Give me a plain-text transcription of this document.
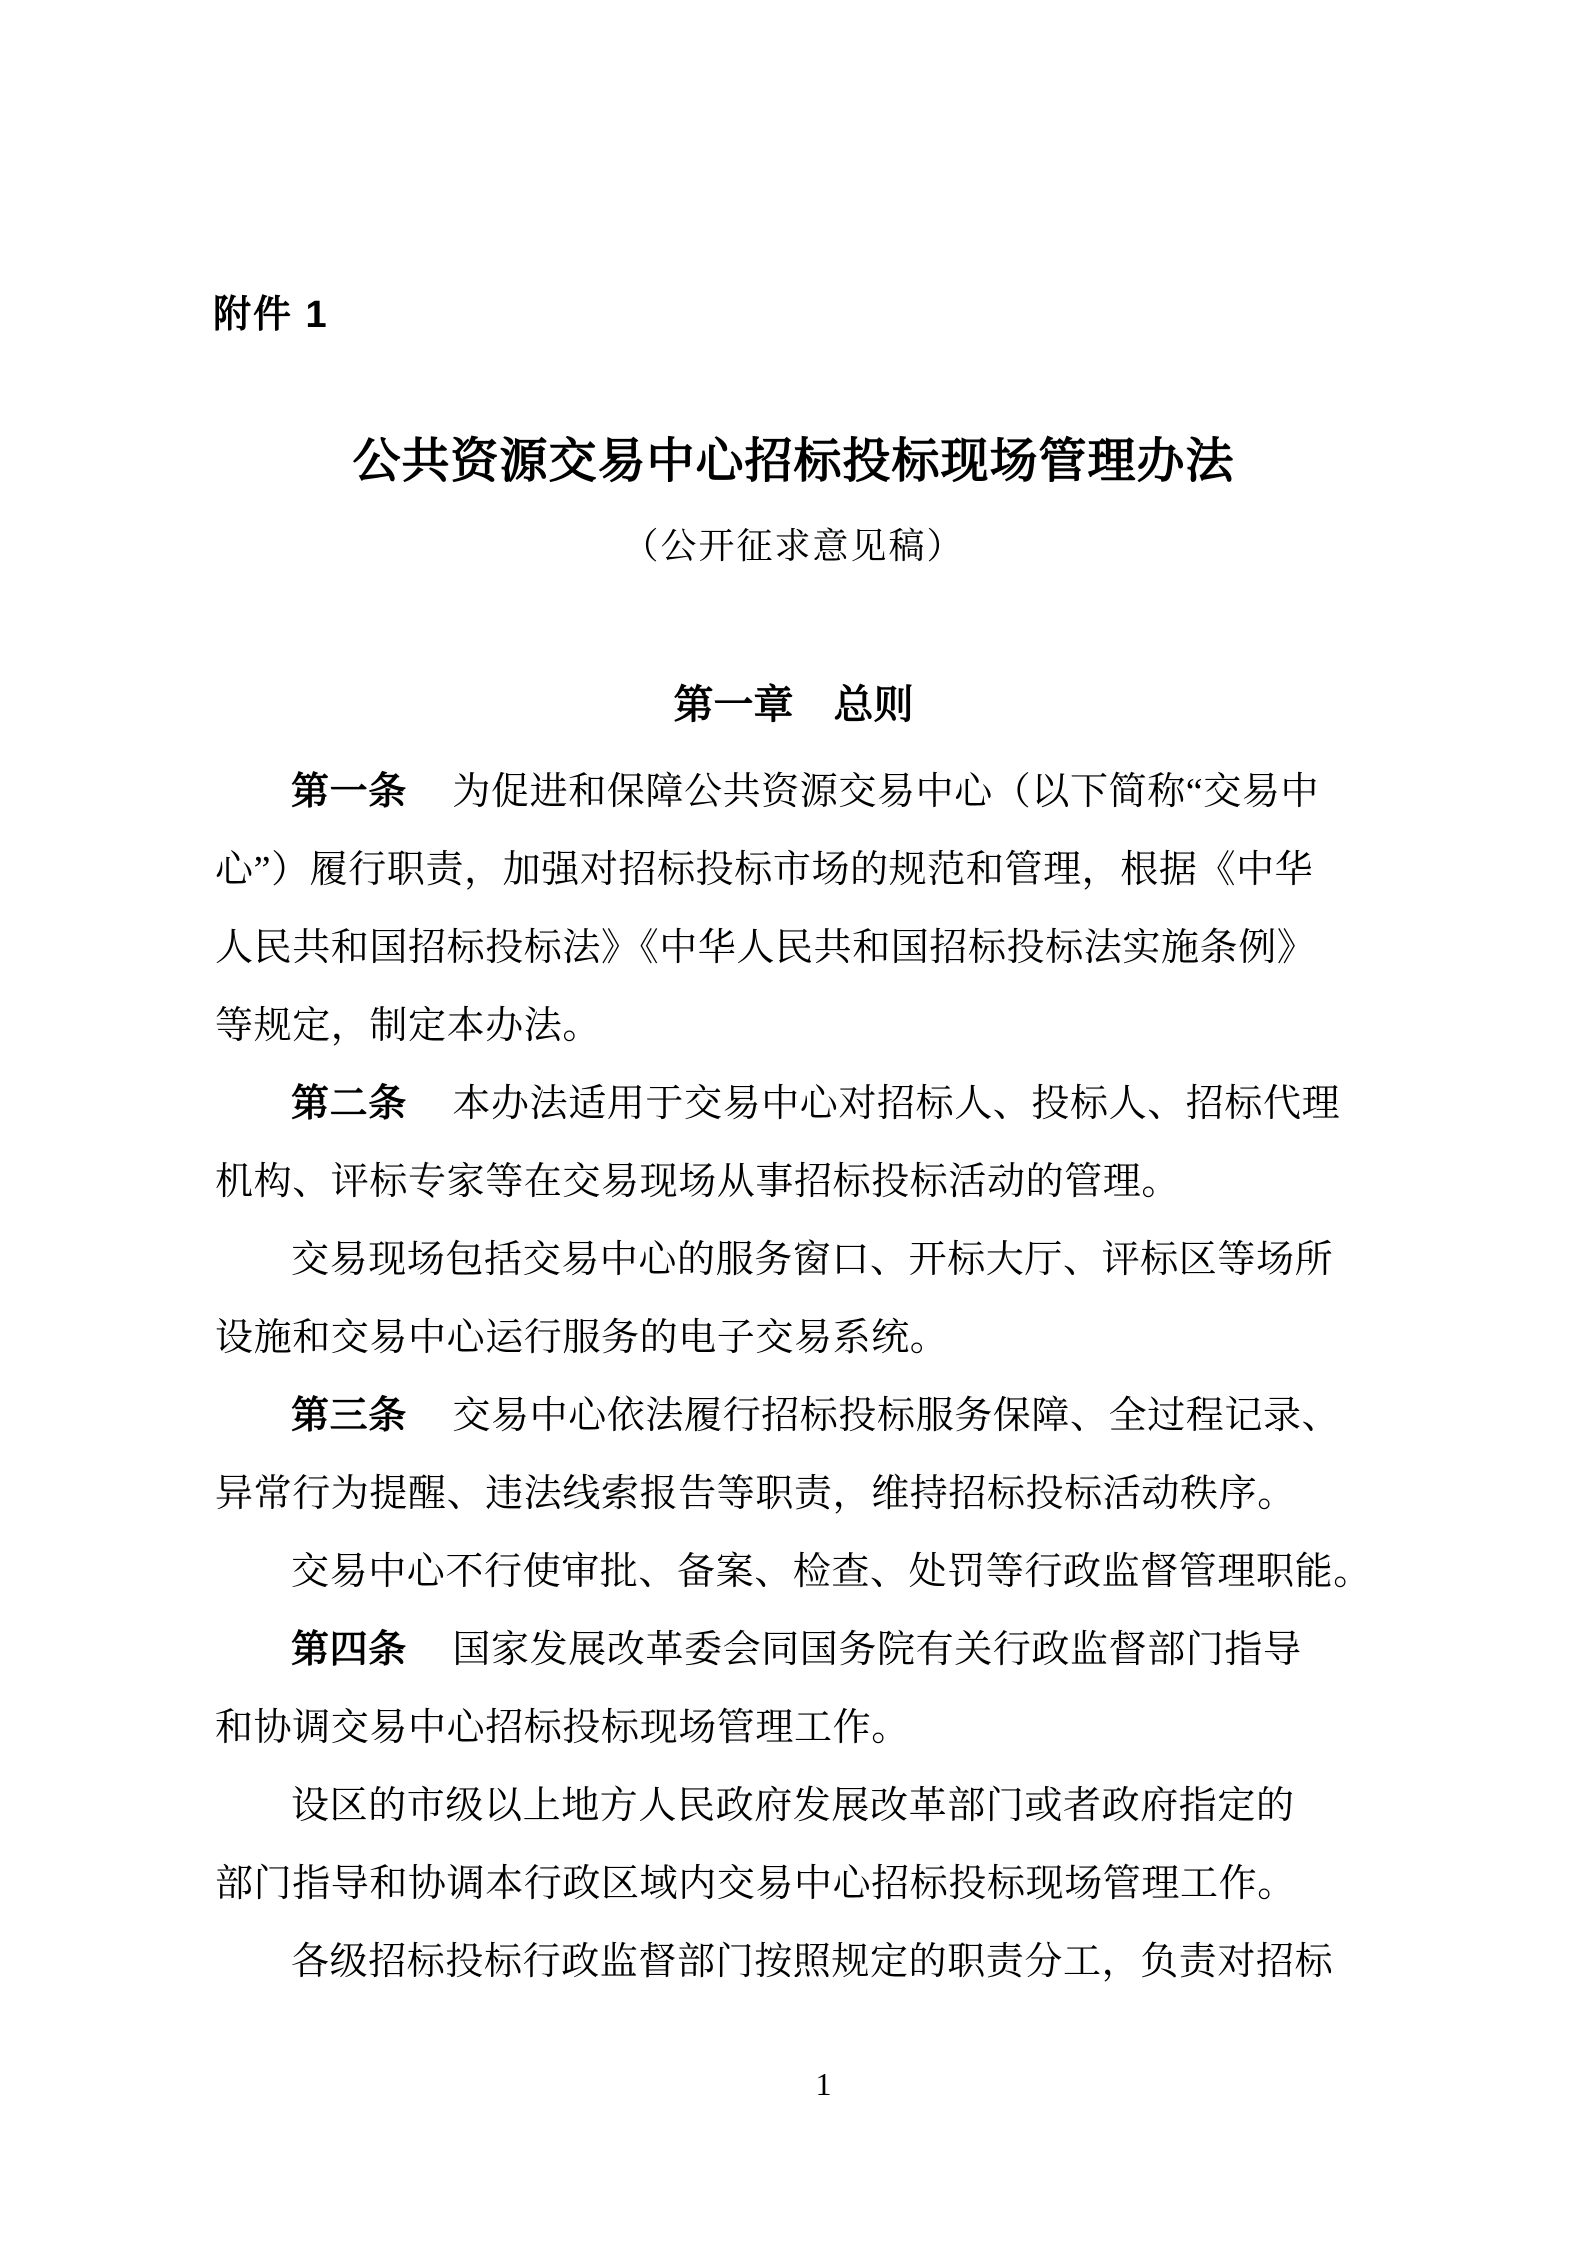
附件 1
公共资源交易中心招标投标现场管理办法
（公开征求意见稿）
第一章 总则
第一条 为促进和保障公共资源交易中心（以下简称“交易中
心”）履行职责，加强对招标投标市场的规范和管理，根据《中华
人民共和国招标投标法》《中华人民共和国招标投标法实施条例》
等规定，制定本办法。
第二条 本办法适用于交易中心对招标人、投标人、招标代理
机构、评标专家等在交易现场从事招标投标活动的管理。
交易现场包括交易中心的服务窗口、开标大厅、评标区等场所
设施和交易中心运行服务的电子交易系统。
第三条 交易中心依法履行招标投标服务保障、全过程记录、
异常行为提醒、违法线索报告等职责，维持招标投标活动秩序。
交易中心不行使审批、备案、检查、处罚等行政监督管理职能。
第四条 国家发展改革委会同国务院有关行政监督部门指导
和协调交易中心招标投标现场管理工作。
设区的市级以上地方人民政府发展改革部门或者政府指定的
部门指导和协调本行政区域内交易中心招标投标现场管理工作。
各级招标投标行政监督部门按照规定的职责分工，负责对招标
1
